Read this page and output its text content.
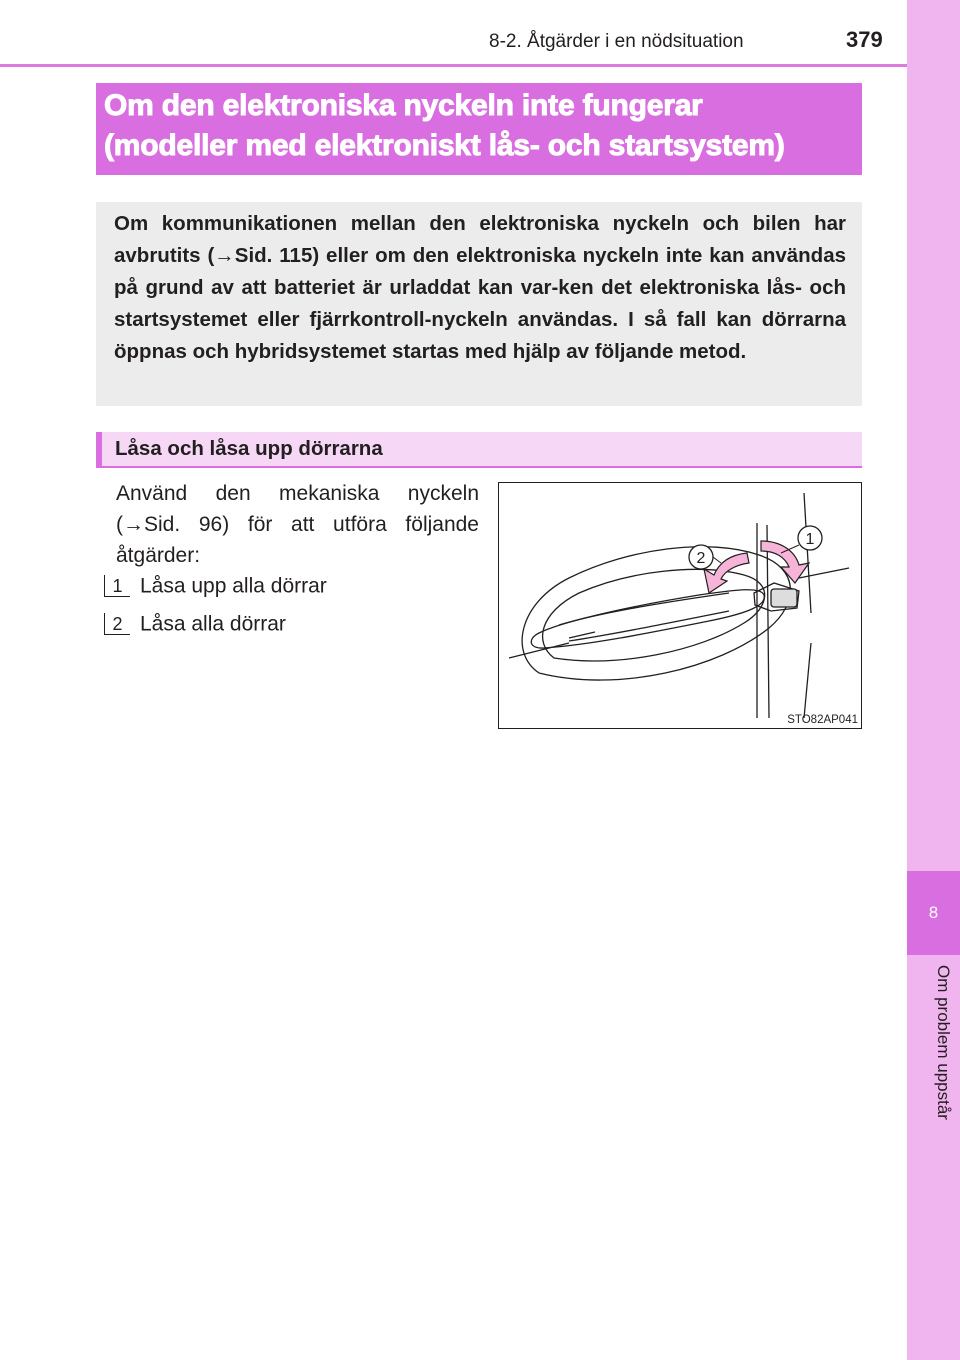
8
Om problem uppstår
8-2. Åtgärder i en nödsituation	379
Om den elektroniska nyckeln inte fungerar
(modeller med elektroniskt lås- och startsystem)
Om kommunikationen mellan den elektroniska nyckeln och bilen har avbrutits (→Sid. 115) eller om den elektroniska nyckeln inte kan användas på grund av att batteriet är urladdat kan var-ken det elektroniska lås- och startsystemet eller fjärrkontroll-nyckeln användas. I så fall kan dörrarna öppnas och hybridsystemet startas med hjälp av följande metod.
Låsa och låsa upp dörrarna
Använd den mekaniska nyckeln (→Sid. 96) för att utföra följande åtgärder:
1 Låsa upp alla dörrar
2 Låsa alla dörrar
1
2
STO82AP041
